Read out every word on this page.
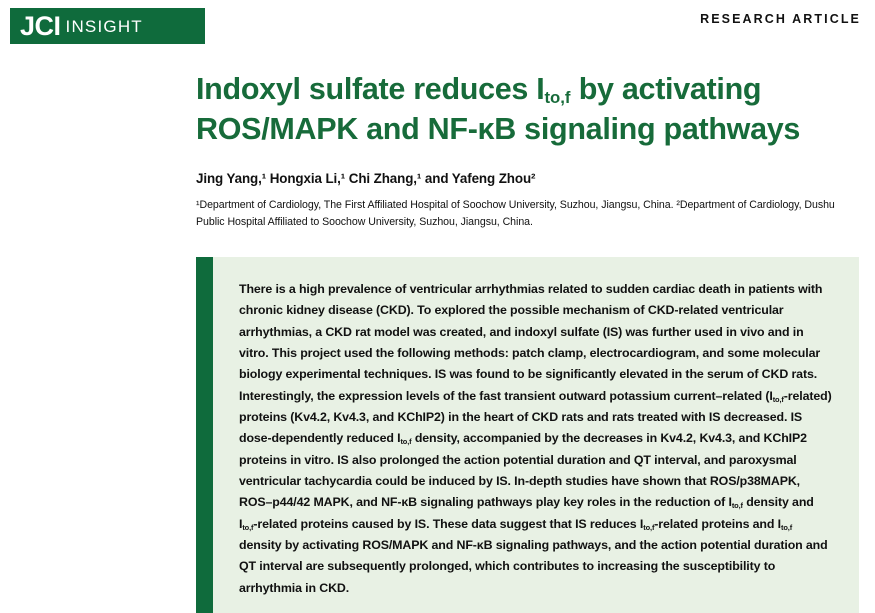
JCI INSIGHT	RESEARCH ARTICLE
Indoxyl sulfate reduces $I_{to,f}$ by activating
ROS/MAPK and NF-κB signaling pathways
Jing Yang,¹ Hongxia Li,¹ Chi Zhang,¹ and Yafeng Zhou²
¹Department of Cardiology, The First Affiliated Hospital of Soochow University, Suzhou, Jiangsu, China. ²Department of Cardiology, Dushu Public Hospital Affiliated to Soochow University, Suzhou, Jiangsu, China.
There is a high prevalence of ventricular arrhythmias related to sudden cardiac death in patients with chronic kidney disease (CKD). To explored the possible mechanism of CKD-related ventricular arrhythmias, a CKD rat model was created, and indoxyl sulfate (IS) was further used in vivo and in vitro. This project used the following methods: patch clamp, electrocardiogram, and some molecular biology experimental techniques. IS was found to be significantly elevated in the serum of CKD rats. Interestingly, the expression levels of the fast transient outward potassium current–related $(I_{to,f}-related)$ proteins (Kv4.2, Kv4.3, and KChIP2) in the heart of CKD rats and rats treated with IS decreased. IS dose-dependently reduced $I_{to,f}$ density, accompanied by the decreases in Kv4.2, Kv4.3, and KChIP2 proteins in vitro. IS also prolonged the action potential duration and QT interval, and paroxysmal ventricular tachycardia could be induced by IS. In-depth studies have shown that ROS/p38MAPK, ROS–p44/42 MAPK, and NF-κB signaling pathways play key roles in the reduction of $I_{to,f}$ density and $I_{to,f}$-related proteins caused by IS. These data suggest that IS reduces $I_{to,f}$-related proteins and $I_{to,f}$ density by activating ROS/MAPK and NF-κB signaling pathways, and the action potential duration and QT interval are subsequently prolonged, which contributes to increasing the susceptibility to arrhythmia in CKD.
